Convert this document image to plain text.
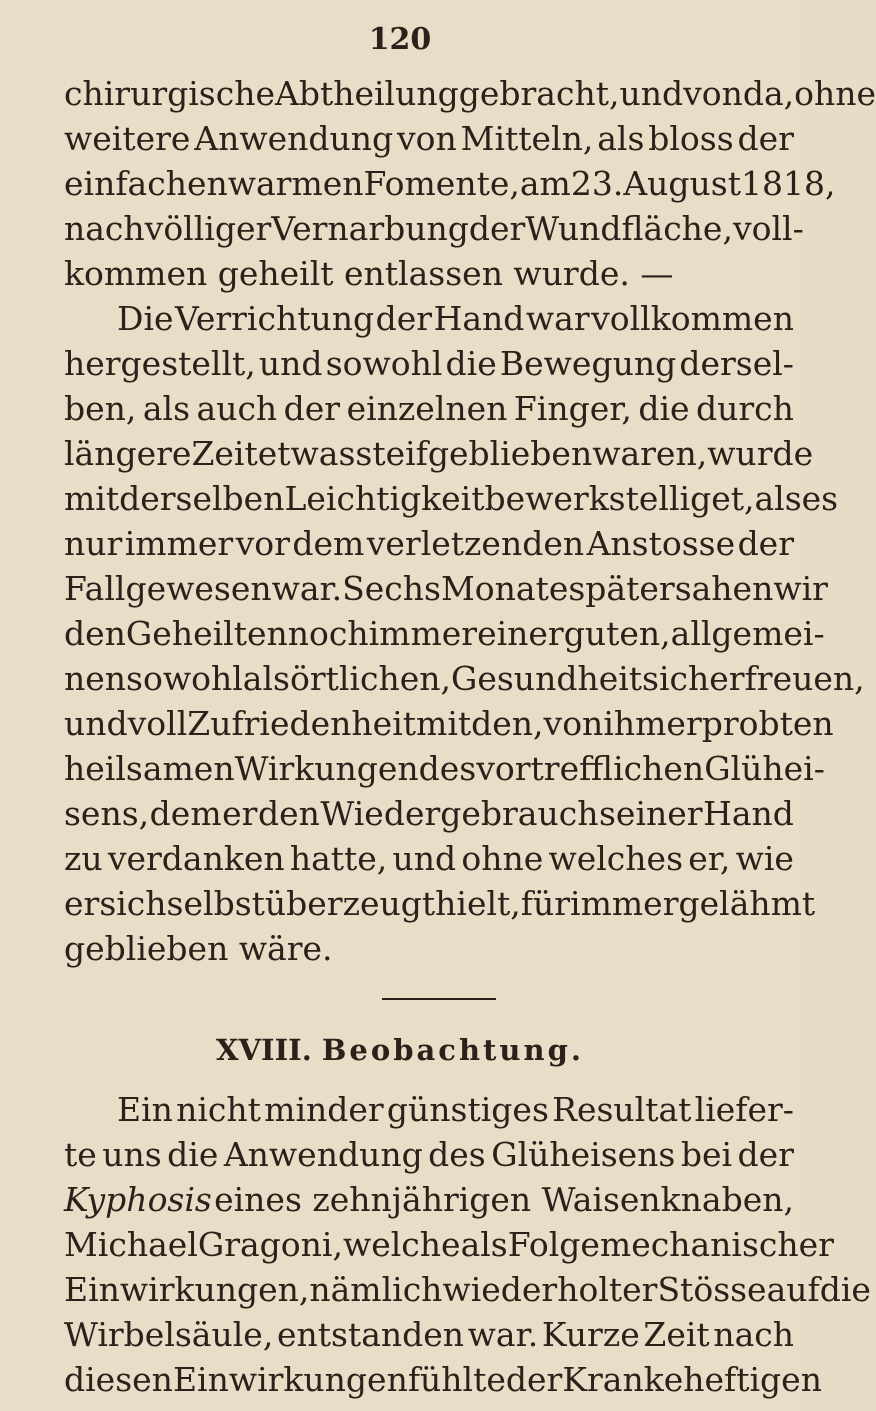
120
chirurgische Abtheilung gebracht, und von da, ohne
weitere Anwendung von Mitteln, als bloss der
einfachen warmen Fomente, am 23. August 1818,
nach völliger Vernarbung der Wundfläche, voll-
kommen geheilt entlassen wurde. —
Die Verrichtung der Hand war vollkommen
hergestellt, und sowohl die Bewegung dersel-
ben, als auch der einzelnen Finger, die durch
längere Zeit etwas steif geblieben waren, wurde
mit derselben Leichtigkeit bewerkstelliget, als es
nur immer vor dem verletzenden Anstosse der
Fall gewesen war. Sechs Monate später sahen wir
den Geheilten noch immer einer guten, allgemei-
nen sowohl als örtlichen, Gesundheit sich erfreuen,
und voll Zufriedenheit mit den, von ihm erprobten
heilsamen Wirkungen des vortrefflichen Glühei-
sens, dem er den Wiedergebrauch seiner Hand
zu verdanken hatte, und ohne welches er, wie
er sich selbst überzeugt hielt, für immer gelähmt
geblieben wäre.
XVIII. Beobachtung.
Ein nicht minder günstiges Resultat liefer-
te uns die Anwendung des Glüheisens bei der
Kyphosis eines zehnjährigen Waisenknaben,
Michael Gragoni, welche als Folge mechanischer
Einwirkungen, nämlich wiederholter Stösse auf die
Wirbelsäule, entstanden war. Kurze Zeit nach
diesen Einwirkungen fühlte der Kranke heftigen
